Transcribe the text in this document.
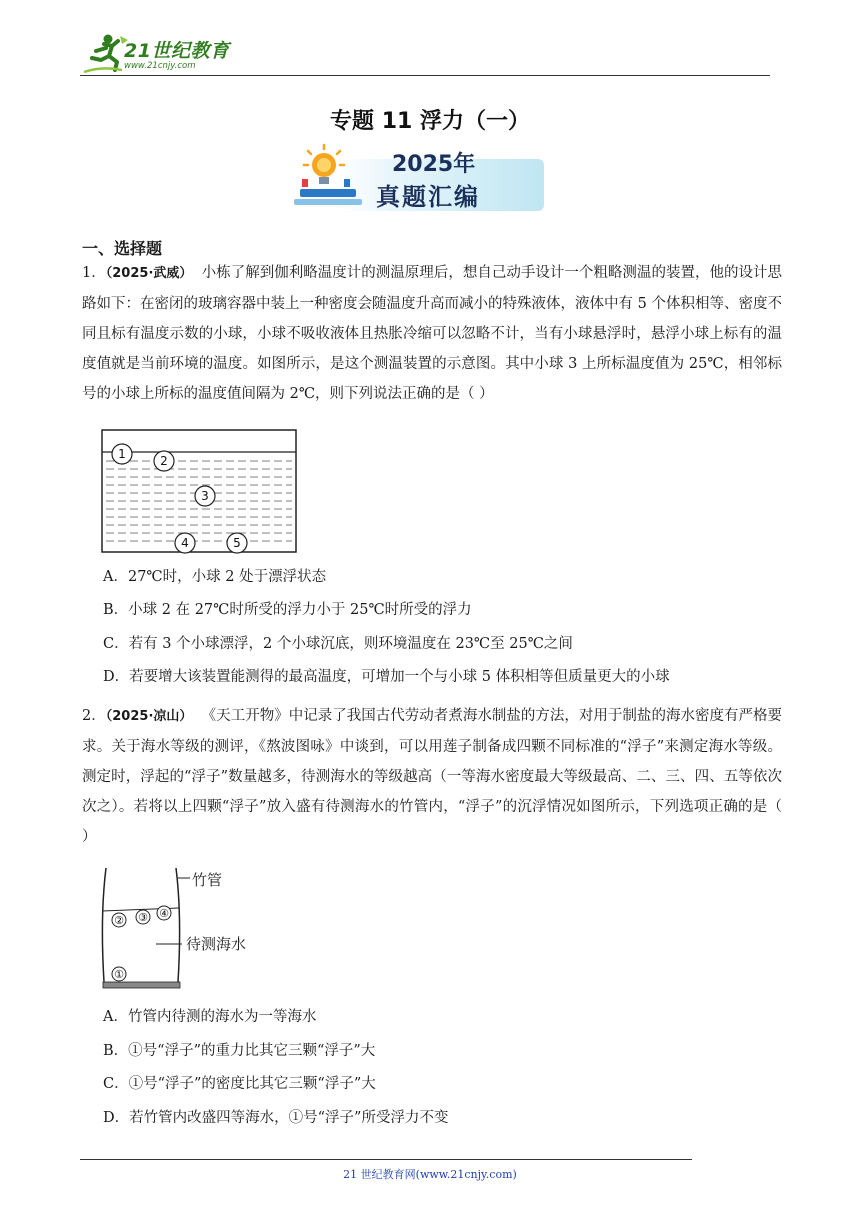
21世纪教育
www.21cnjy.com
专题 11 浮力（一）
2025年
真题汇编
一、选择题
1．（2025·武威） 小栋了解到伽利略温度计的测温原理后，想自己动手设计一个粗略测温的装置，他的设计思路如下：在密闭的玻璃容器中装上一种密度会随温度升高而减小的特殊液体，液体中有 5 个体积相等、密度不同且标有温度示数的小球，小球不吸收液体且热胀冷缩可以忽略不计，当有小球悬浮时，悬浮小球上标有的温度值就是当前环境的温度。如图所示，是这个测温装置的示意图。其中小球 3 上所标温度值为 25℃，相邻标号的小球上所标的温度值间隔为 2℃，则下列说法正确的是（ ）
1	2
3
4	5
A．27℃时，小球 2 处于漂浮状态
B．小球 2 在 27℃时所受的浮力小于 25℃时所受的浮力
C．若有 3 个小球漂浮，2 个小球沉底，则环境温度在 23℃至 25℃之间
D．若要增大该装置能测得的最高温度，可增加一个与小球 5 体积相等但质量更大的小球
2．（2025·凉山） 《天工开物》中记录了我国古代劳动者煮海水制盐的方法，对用于制盐的海水密度有严格要求。关于海水等级的测评，《熬波图咏》中谈到，可以用莲子制备成四颗不同标准的“浮子”来测定海水等级。测定时，浮起的“浮子”数量越多，待测海水的等级越高（一等海水密度最大等级最高、二、三、四、五等依次次之）。若将以上四颗“浮子”放入盛有待测海水的竹管内，“浮子”的沉浮情况如图所示，下列选项正确的是（ ）
①
② ③ ④
竹管
待测海水
A．竹管内待测的海水为一等海水
B．①号“浮子”的重力比其它三颗“浮子”大
C．①号“浮子”的密度比其它三颗“浮子”大
D．若竹管内改盛四等海水，①号“浮子”所受浮力不变
21 世纪教育网(www.21cnjy.com)
